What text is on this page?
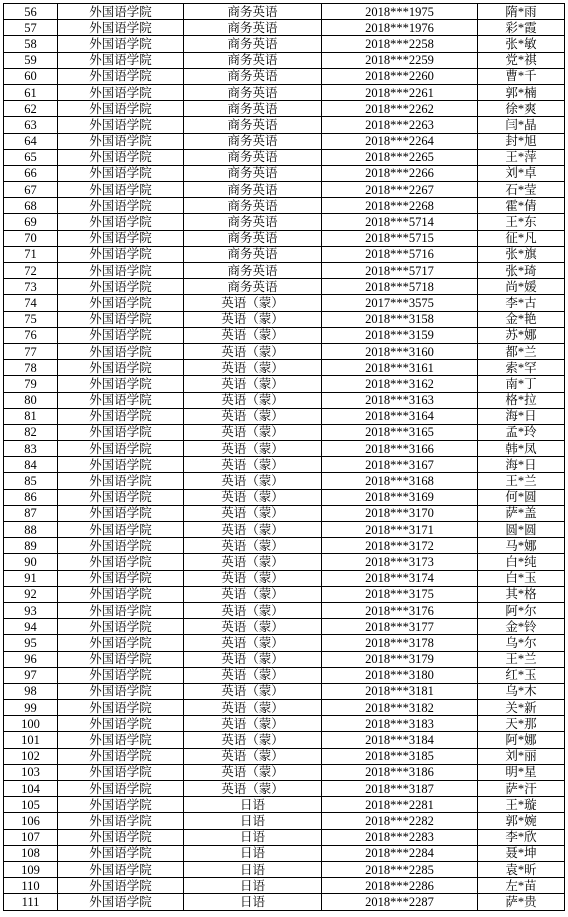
56	外国语学院	商务英语	2018***1975	隋*雨
57	外国语学院	商务英语	2018***1976	彩*霞
58	外国语学院	商务英语	2018***2258	张*敏
59	外国语学院	商务英语	2018***2259	党*祺
60	外国语学院	商务英语	2018***2260	曹*千
61	外国语学院	商务英语	2018***2261	郭*楠
62	外国语学院	商务英语	2018***2262	徐*爽
63	外国语学院	商务英语	2018***2263	闫*晶
64	外国语学院	商务英语	2018***2264	封*旭
65	外国语学院	商务英语	2018***2265	王*萍
66	外国语学院	商务英语	2018***2266	刘*卓
67	外国语学院	商务英语	2018***2267	石*莹
68	外国语学院	商务英语	2018***2268	霍*倩
69	外国语学院	商务英语	2018***5714	王*东
70	外国语学院	商务英语	2018***5715	征*凡
71	外国语学院	商务英语	2018***5716	张*旗
72	外国语学院	商务英语	2018***5717	张*琦
73	外国语学院	商务英语	2018***5718	尚*媛
74	外国语学院	英语（蒙）	2017***3575	李*古
75	外国语学院	英语（蒙）	2018***3158	金*艳
76	外国语学院	英语（蒙）	2018***3159	苏*娜
77	外国语学院	英语（蒙）	2018***3160	都*兰
78	外国语学院	英语（蒙）	2018***3161	索*罕
79	外国语学院	英语（蒙）	2018***3162	南*丁
80	外国语学院	英语（蒙）	2018***3163	格*拉
81	外国语学院	英语（蒙）	2018***3164	海*日
82	外国语学院	英语（蒙）	2018***3165	孟*玲
83	外国语学院	英语（蒙）	2018***3166	韩*凤
84	外国语学院	英语（蒙）	2018***3167	海*日
85	外国语学院	英语（蒙）	2018***3168	王*兰
86	外国语学院	英语（蒙）	2018***3169	何*圆
87	外国语学院	英语（蒙）	2018***3170	萨*盖
88	外国语学院	英语（蒙）	2018***3171	圆*圆
89	外国语学院	英语（蒙）	2018***3172	马*娜
90	外国语学院	英语（蒙）	2018***3173	白*纯
91	外国语学院	英语（蒙）	2018***3174	白*玉
92	外国语学院	英语（蒙）	2018***3175	其*格
93	外国语学院	英语（蒙）	2018***3176	阿*尔
94	外国语学院	英语（蒙）	2018***3177	金*铃
95	外国语学院	英语（蒙）	2018***3178	乌*尔
96	外国语学院	英语（蒙）	2018***3179	王*兰
97	外国语学院	英语（蒙）	2018***3180	红*玉
98	外国语学院	英语（蒙）	2018***3181	乌*木
99	外国语学院	英语（蒙）	2018***3182	关*新
100	外国语学院	英语（蒙）	2018***3183	天*那
101	外国语学院	英语（蒙）	2018***3184	阿*娜
102	外国语学院	英语（蒙）	2018***3185	刘*丽
103	外国语学院	英语（蒙）	2018***3186	明*星
104	外国语学院	英语（蒙）	2018***3187	萨*汗
105	外国语学院	日语	2018***2281	王*璇
106	外国语学院	日语	2018***2282	郭*婉
107	外国语学院	日语	2018***2283	李*欣
108	外国语学院	日语	2018***2284	聂*坤
109	外国语学院	日语	2018***2285	袁*昕
110	外国语学院	日语	2018***2286	左*苗
111	外国语学院	日语	2018***2287	萨*贵
